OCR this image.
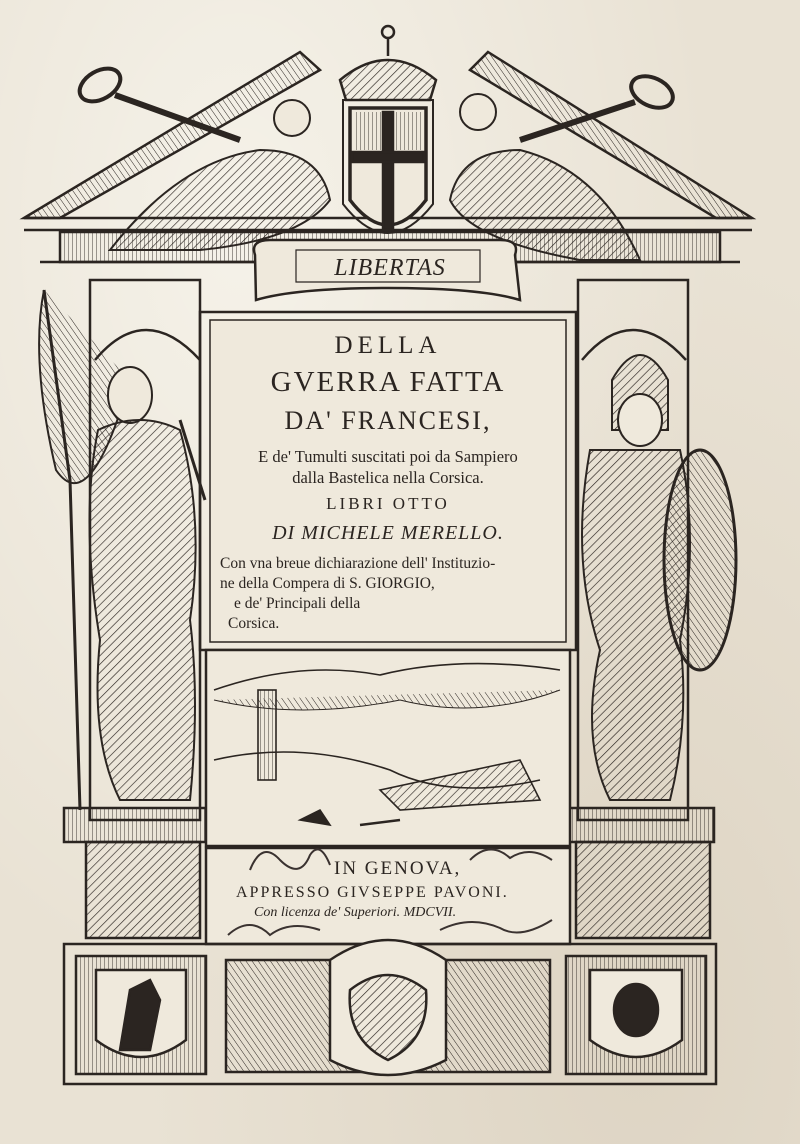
LIBERTAS
DELLA
GVERRA FATTA
DA' FRANCESI,
E de' Tumulti suscitati poi da Sampiero
dalla Bastelica nella Corsica.
LIBRI OTTO
DI MICHELE MERELLO.
Con vna breue dichiarazione dell' Instituzio-
ne della Compera di S. GIORGIO,
e de' Principali della
Corsica.
IN GENOVA,
APPRESSO GIVSEPPE PAVONI.
Con licenza de' Superiori. MDCVII.
